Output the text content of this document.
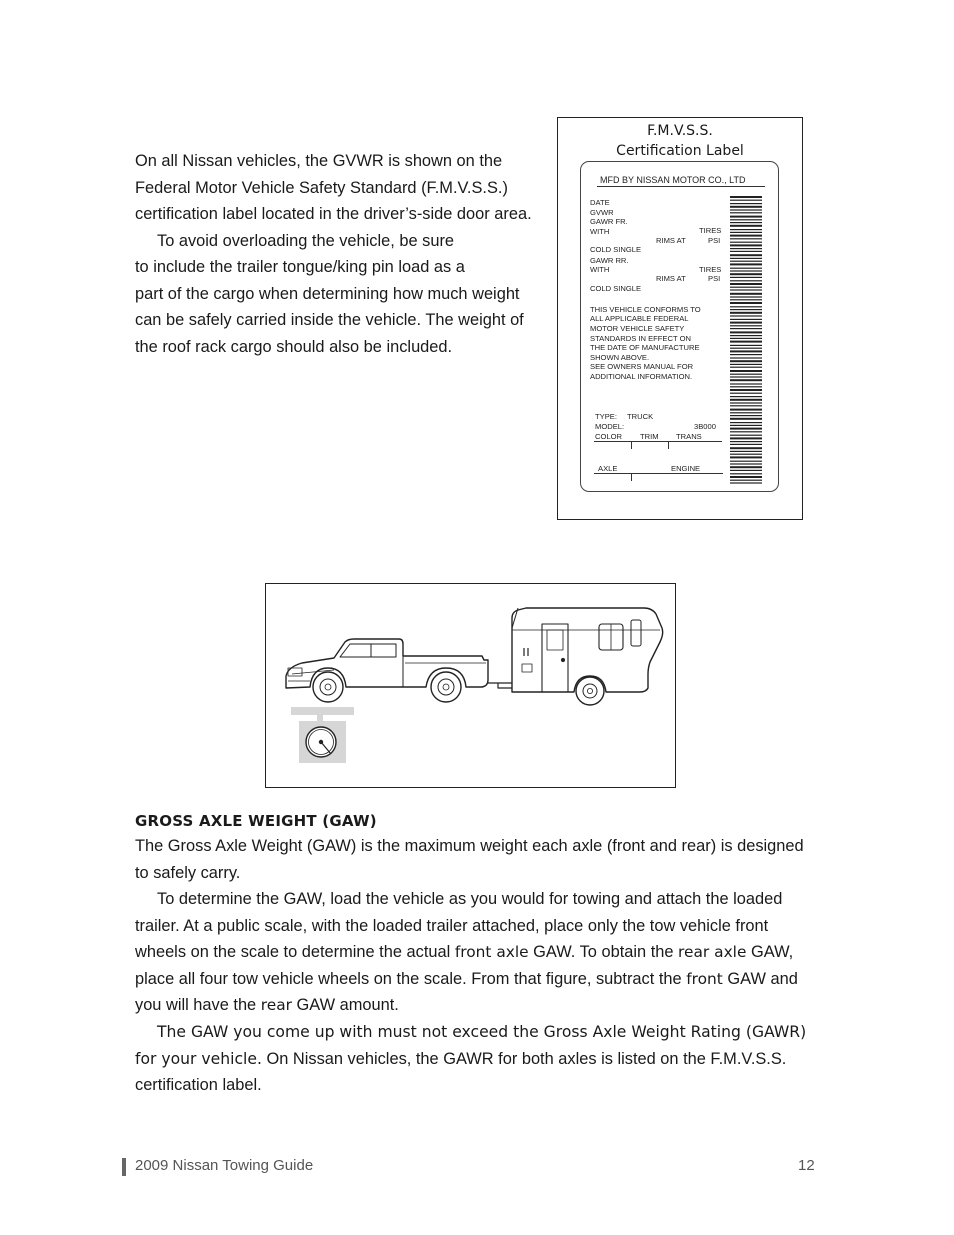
On all Nissan vehicles, the GVWR is shown on the
Federal Motor Vehicle Safety Standard (F.M.V.S.S.)
certification label located in the driver’s-side door area.
To avoid overloading the vehicle, be sure
to include the trailer tongue/king pin load as a
part of the cargo when determining how much weight
can be safely carried inside the vehicle. The weight of
the roof rack cargo should also be included.
F.M.V.S.S.
Certification Label
MFD BY NISSAN MOTOR CO., LTD
DATE
GVWR
GAWR FR.
WITH	TIRES
RIMS AT	PSI
COLD SINGLE
GAWR RR.
WITH	TIRES
RIMS AT	PSI
COLD SINGLE
THIS VEHICLE CONFORMS TO
ALL APPLICABLE FEDERAL
MOTOR VEHICLE SAFETY
STANDARDS IN EFFECT ON
THE DATE OF MANUFACTURE
SHOWN ABOVE.
SEE OWNERS MANUAL FOR
ADDITIONAL INFORMATION.
TYPE: TRUCK
MODEL:	3B000
COLOR TRIM TRANS
AXLE	ENGINE
GROSS AXLE WEIGHT (GAW)
The Gross Axle Weight (GAW) is the maximum weight each axle (front and rear) is designed
to safely carry.
To determine the GAW, load the vehicle as you would for towing and attach the loaded
trailer. At a public scale, with the loaded trailer attached, place only the tow vehicle front
wheels on the scale to determine the actual front axle GAW. To obtain the rear axle GAW,
place all four tow vehicle wheels on the scale. From that figure, subtract the front GAW and
you will have the rear GAW amount.
The GAW you come up with must not exceed the Gross Axle Weight Rating (GAWR)
for your vehicle. On Nissan vehicles, the GAWR for both axles is listed on the F.M.V.S.S.
certification label.
2009 Nissan Towing Guide	12
